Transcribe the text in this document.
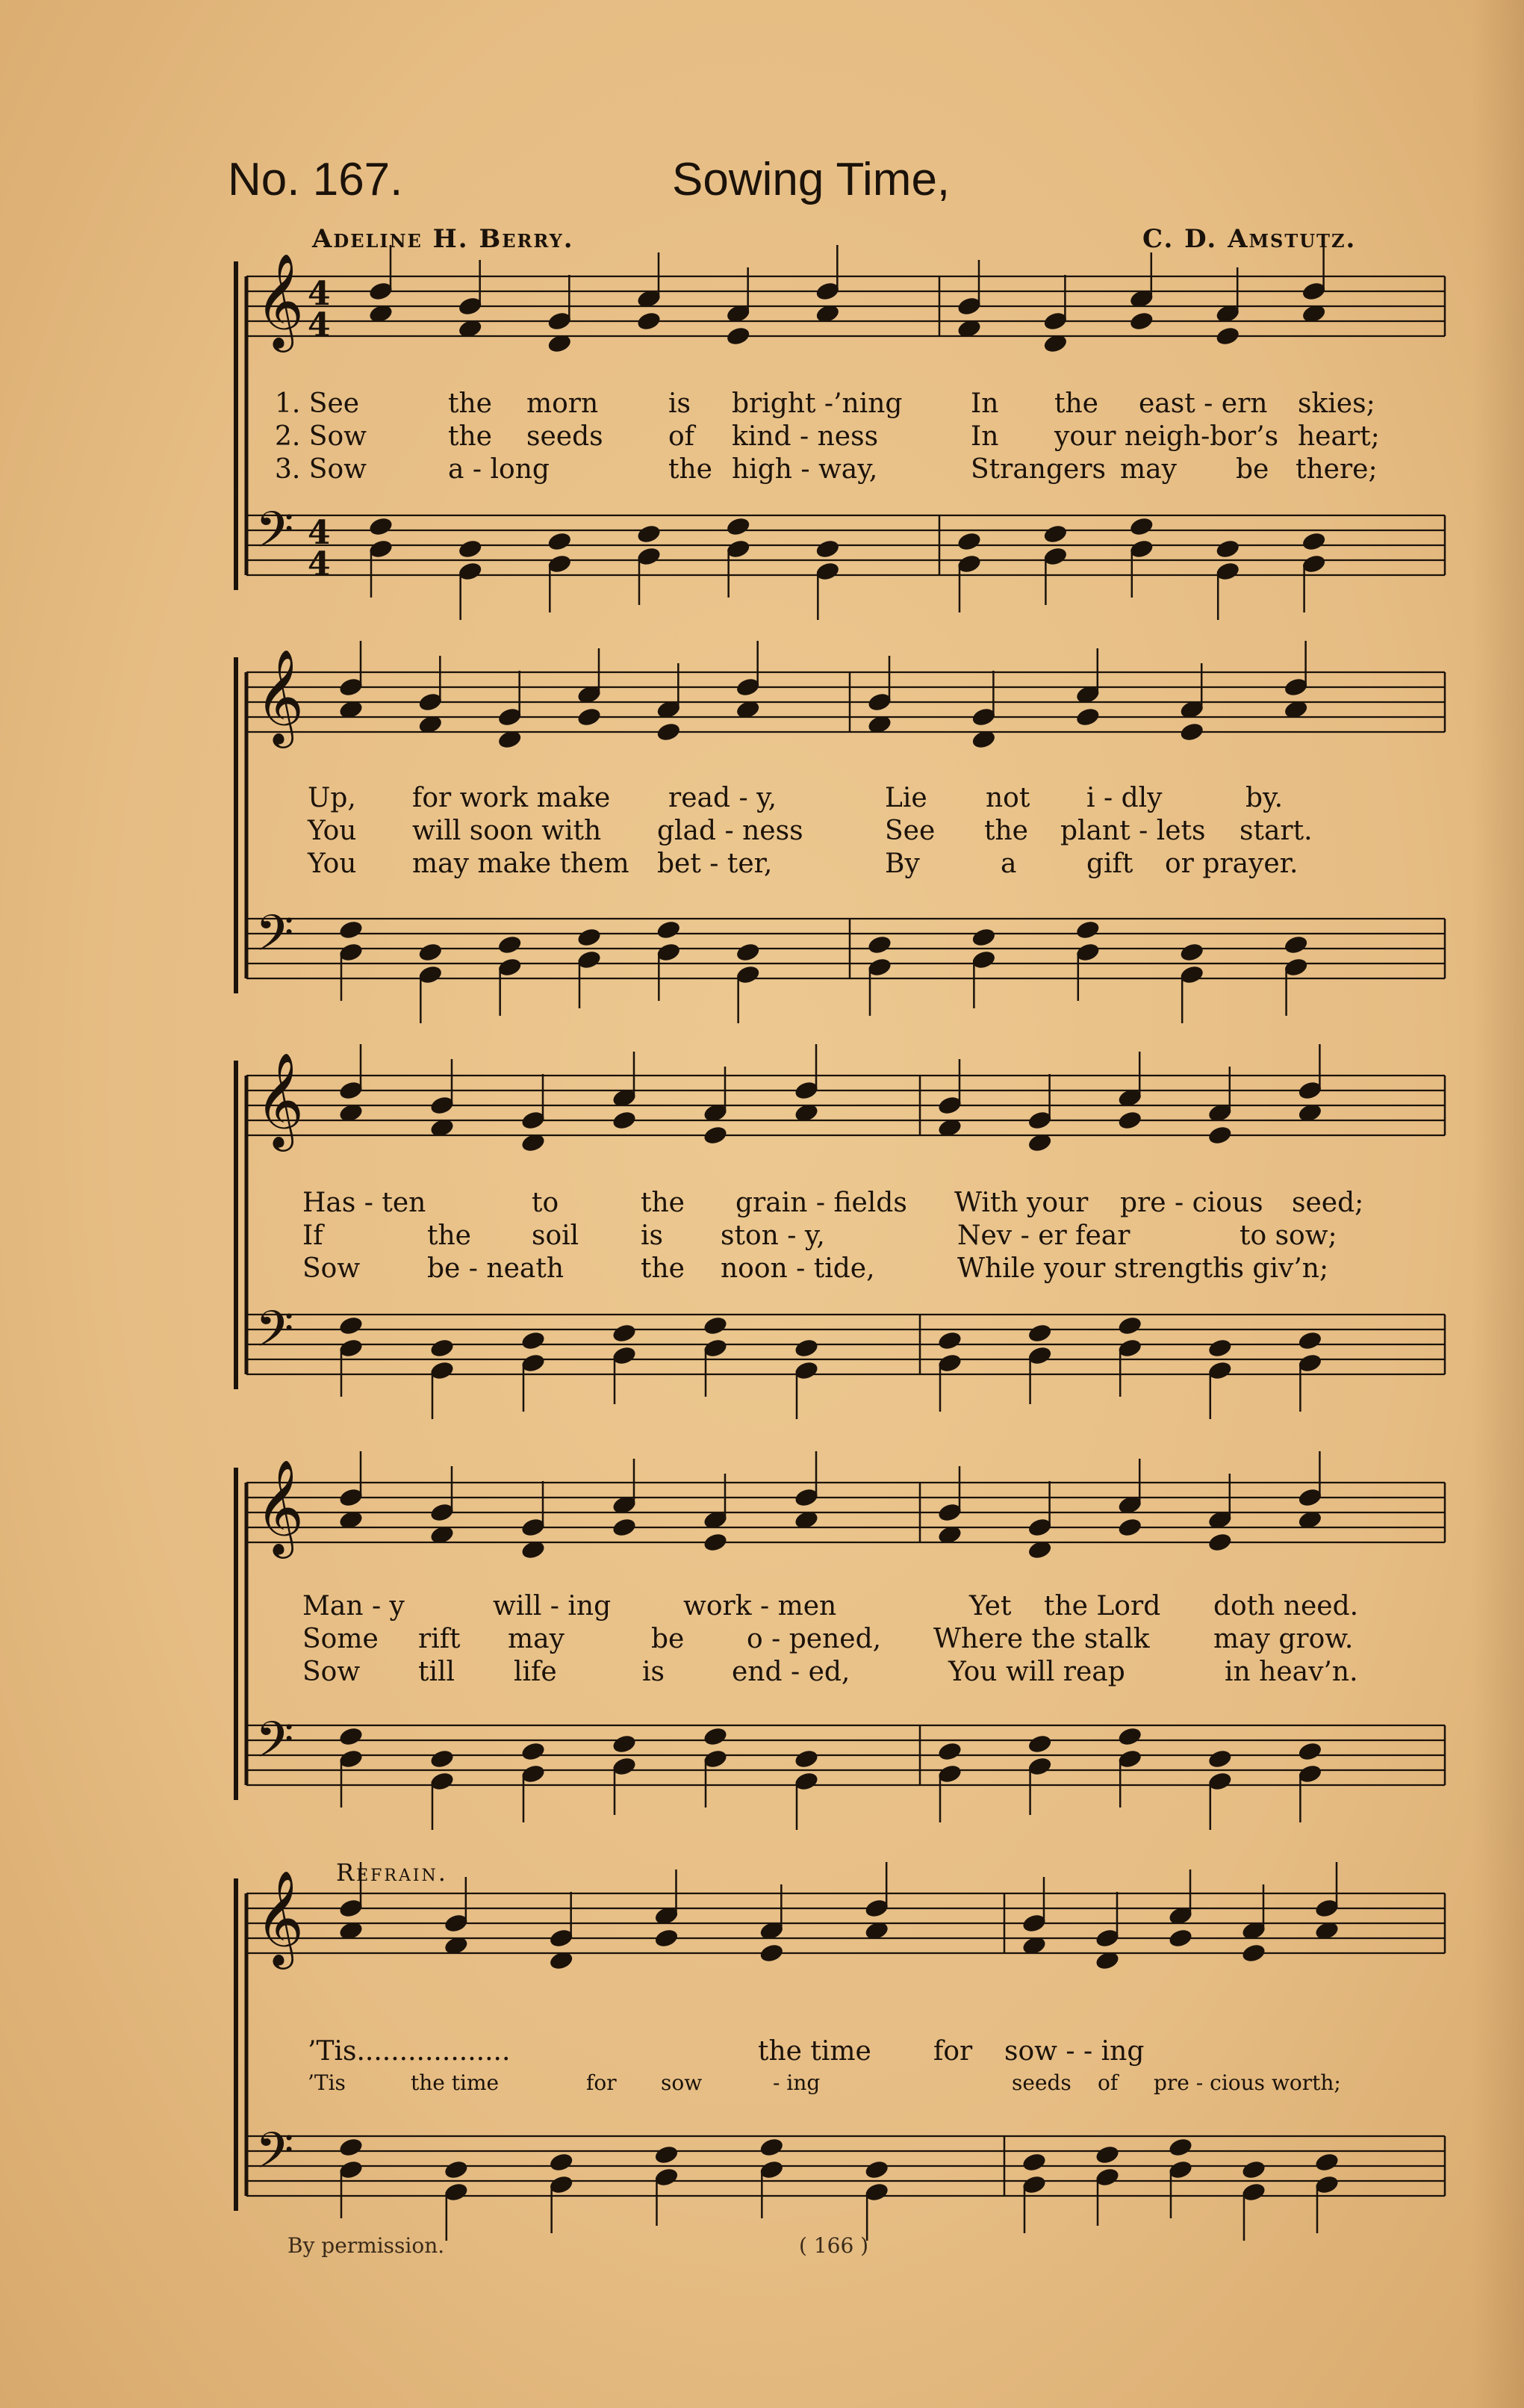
No. 167.	Sowing Time,
Adeline H. Berry.	C. D. Amstutz.
𝄞 4
4
𝄢 4
4
𝄞
𝄢
𝄞
𝄢
𝄞
𝄢
𝄞
𝄢
1. See	the morn	is bright -’ning	In the east - ern skies;
2. Sow	the seeds of kind - ness	In your neigh-bor’s heart;
3. Sow	a - long	the high - way,	Strangers may be there;
Up, for work make read - y,	Lie not i - dly	by.
You will soon with glad - ness	See the plant - lets start.
You may make them bet - ter,	By	a	gift or prayer.
Has - ten	to	the grain - fields With your pre - cious seed;
If	the soil is ston - y,	Nev - er fear	to sow;
Sow be - neath	the noon - tide,	While your strength
is giv’n;
Man - y	will - ing	work - men	Yet the Lord doth need.
Some rift may	be o - pened, Where the stalk may grow.
Sow till life	is	end - ed,	You will reap	in heav’n.
Refrain.
’Tis..................	the time for sow - - ing
’Tis	the time	for sow	- ing	seeds of pre - cious worth;
By permission.	( 166 )
